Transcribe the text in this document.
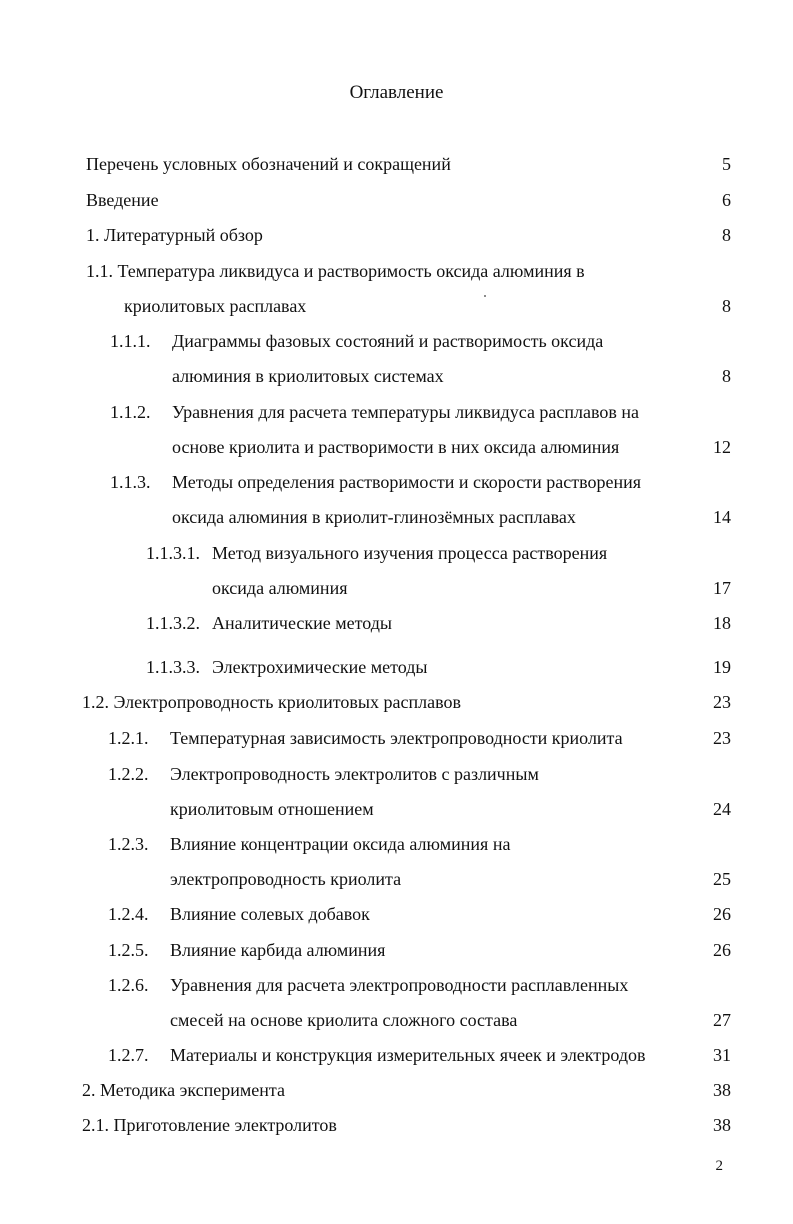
Оглавление
Перечень условных обозначений и сокращений	5
Введение	6
1. Литературный обзор	8
1.1. Температура ликвидуса и растворимость оксида алюминия в
криолитовых расплавах	8
1.1.1. Диаграммы фазовых состояний и растворимость оксида
алюминия в криолитовых системах	8
1.1.2. Уравнения для расчета температуры ликвидуса расплавов на
основе криолита и растворимости в них оксида алюминия	12
1.1.3. Методы определения растворимости и скорости растворения
оксида алюминия в криолит-глинозёмных расплавах	14
1.1.3.1. Метод визуального изучения процесса растворения
оксида алюминия	17
1.1.3.2. Аналитические методы	18
1.1.3.3. Электрохимические методы	19
1.2. Электропроводность криолитовых расплавов	23
1.2.1. Температурная зависимость электропроводности криолита	23
1.2.2. Электропроводность электролитов с различным
криолитовым отношением	24
1.2.3. Влияние концентрации оксида алюминия на
электропроводность криолита	25
1.2.4. Влияние солевых добавок	26
1.2.5. Влияние карбида алюминия	26
1.2.6. Уравнения для расчета электропроводности расплавленных
смесей на основе криолита сложного состава	27
1.2.7. Материалы и конструкция измерительных ячеек и электродов	31
2. Методика эксперимента	38
2.1. Приготовление электролитов	38
2
